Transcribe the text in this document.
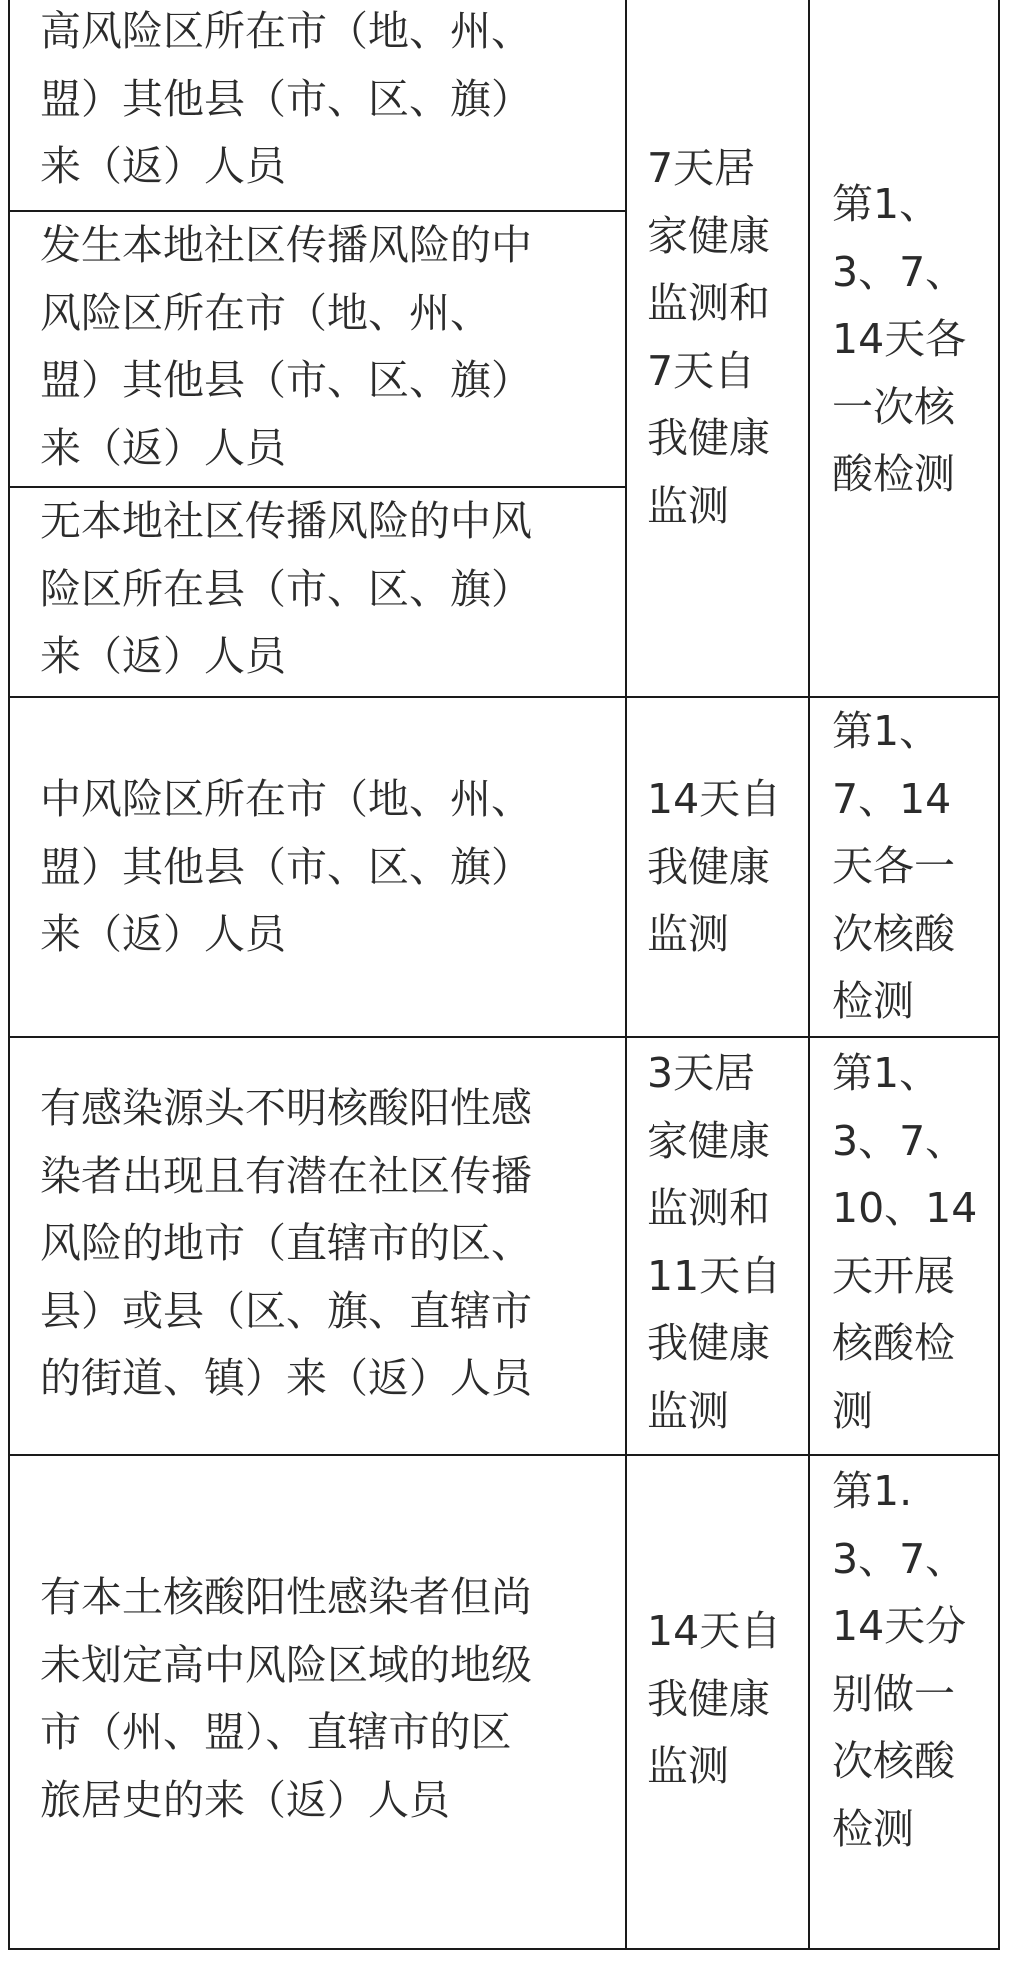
高风险区所在市（地、州、
盟）其他县（市、区、旗）
来（返）人员
发生本地社区传播风险的中
风险区所在市（地、州、
盟）其他县（市、区、旗）
来（返）人员
无本地社区传播风险的中风
险区所在县（市、区、旗）
来（返）人员
7天居
家健康
监测和
7天自
我健康
监测
第1、
3、7、
14天各
一次核
酸检测
中风险区所在市（地、州、
盟）其他县（市、区、旗）
来（返）人员
14天自
我健康
监测
第1、
7、14
天各一
次核酸
检测
有感染源头不明核酸阳性感
染者出现且有潜在社区传播
风险的地市（直辖市的区、
县）或县（区、旗、直辖市
的街道、镇）来（返）人员
3天居
家健康
监测和
11天自
我健康
监测
第1、
3、7、
10、14
天开展
核酸检
测
有本土核酸阳性感染者但尚
未划定高中风险区域的地级
市（州、盟）、直辖市的区
旅居史的来（返）人员
14天自
我健康
监测
第1.
3、7、
14天分
别做一
次核酸
检测
